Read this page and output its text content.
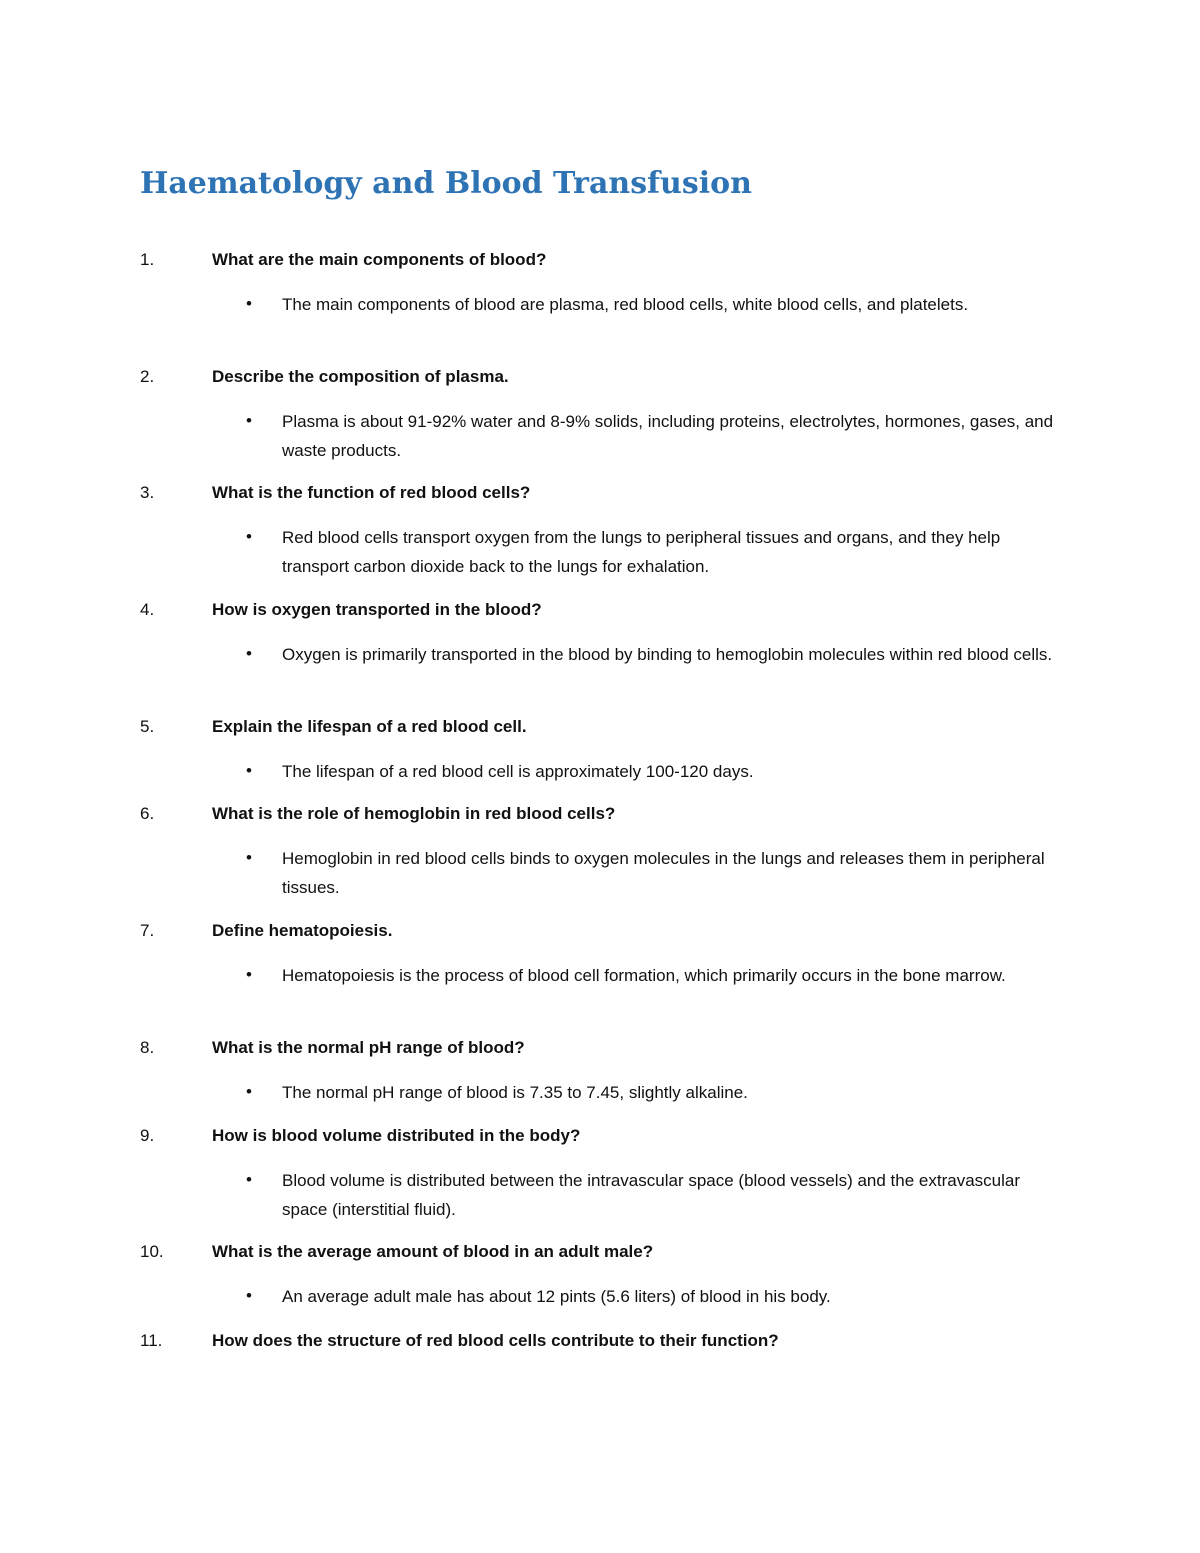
Haematology and Blood Transfusion
1.	What are the main components of blood?
• The main components of blood are plasma, red blood cells, white blood cells, and platelets.

2.	Describe the composition of plasma.
• Plasma is about 91-92% water and 8-9% solids, including proteins, electrolytes, hormones, gases, and waste products.

3.	What is the function of red blood cells?
• Red blood cells transport oxygen from the lungs to peripheral tissues and organs, and they help transport carbon dioxide back to the lungs for exhalation.

4.	How is oxygen transported in the blood?
• Oxygen is primarily transported in the blood by binding to hemoglobin molecules within red blood cells.

5.	Explain the lifespan of a red blood cell.
• The lifespan of a red blood cell is approximately 100-120 days.

6.	What is the role of hemoglobin in red blood cells?
• Hemoglobin in red blood cells binds to oxygen molecules in the lungs and releases them in peripheral tissues.

7.	Define hematopoiesis.
• Hematopoiesis is the process of blood cell formation, which primarily occurs in the bone marrow.

8.	What is the normal pH range of blood?
• The normal pH range of blood is 7.35 to 7.45, slightly alkaline.

9.	How is blood volume distributed in the body?
• Blood volume is distributed between the intravascular space (blood vessels) and the extravascular space (interstitial fluid).

10.	What is the average amount of blood in an adult male?
• An average adult male has about 12 pints (5.6 liters) of blood in his body.

11.	How does the structure of red blood cells contribute to their function?
